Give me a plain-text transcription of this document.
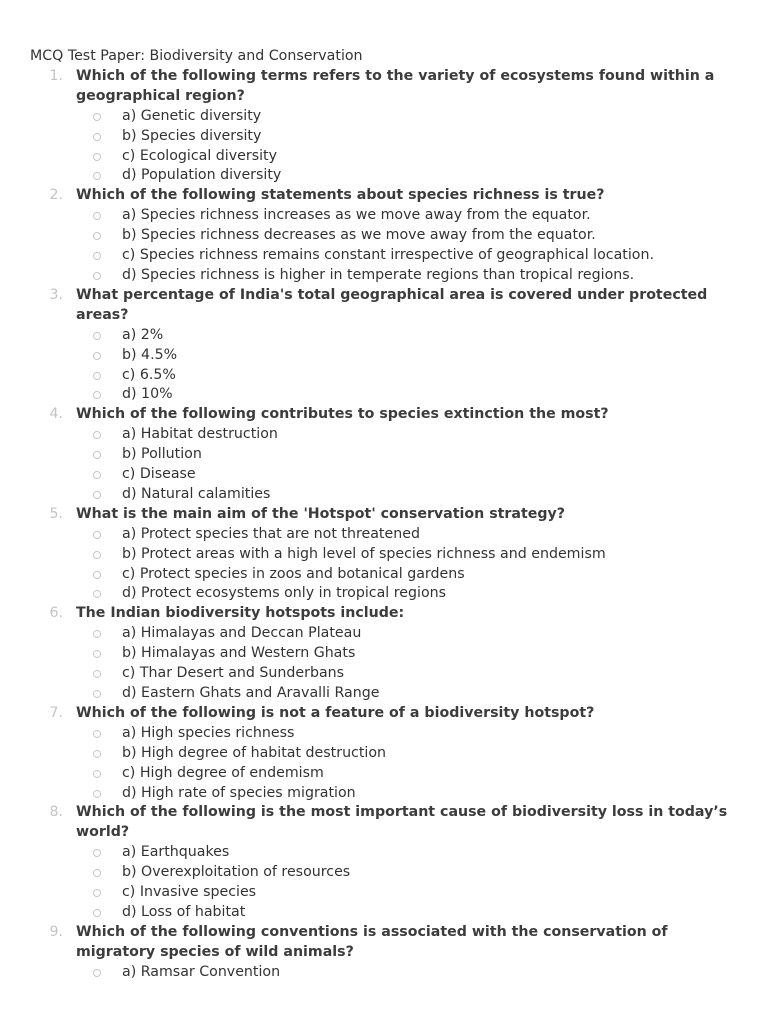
MCQ Test Paper: Biodiversity and Conservation
1. Which of the following terms refers to the variety of ecosystems found within a geographical region?
a) Genetic diversity
b) Species diversity
c) Ecological diversity
d) Population diversity
2. Which of the following statements about species richness is true?
a) Species richness increases as we move away from the equator.
b) Species richness decreases as we move away from the equator.
c) Species richness remains constant irrespective of geographical location.
d) Species richness is higher in temperate regions than tropical regions.
3. What percentage of India's total geographical area is covered under protected areas?
a) 2%
b) 4.5%
c) 6.5%
d) 10%
4. Which of the following contributes to species extinction the most?
a) Habitat destruction
b) Pollution
c) Disease
d) Natural calamities
5. What is the main aim of the 'Hotspot' conservation strategy?
a) Protect species that are not threatened
b) Protect areas with a high level of species richness and endemism
c) Protect species in zoos and botanical gardens
d) Protect ecosystems only in tropical regions
6. The Indian biodiversity hotspots include:
a) Himalayas and Deccan Plateau
b) Himalayas and Western Ghats
c) Thar Desert and Sunderbans
d) Eastern Ghats and Aravalli Range
7. Which of the following is not a feature of a biodiversity hotspot?
a) High species richness
b) High degree of habitat destruction
c) High degree of endemism
d) High rate of species migration
8. Which of the following is the most important cause of biodiversity loss in today’s world?
a) Earthquakes
b) Overexploitation of resources
c) Invasive species
d) Loss of habitat
9. Which of the following conventions is associated with the conservation of migratory species of wild animals?
a) Ramsar Convention
